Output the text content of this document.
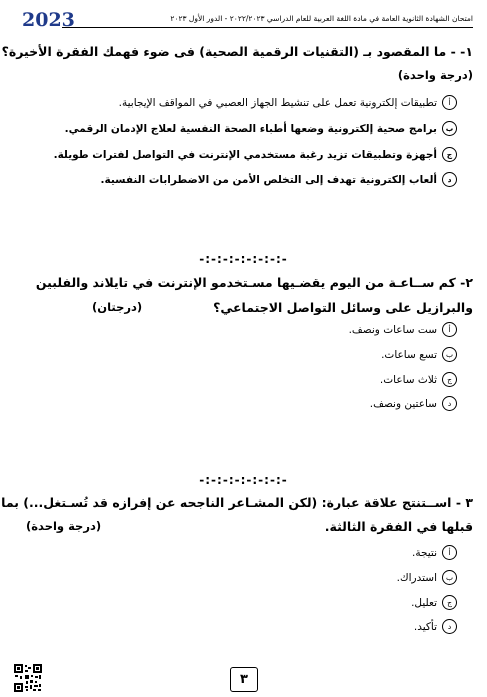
2023	امتحان الشهادة الثانوية العامة في مادة اللغة العربية للعام الدراسي ٢٠٢٢/٢٠٢٣ - الدور الأول ٢٠٢٣
١- - ما المقصود بـ (التقنيات الرقمية الصحية) فى ضوء فهمك الفقرة الأخيرة؟
(درجة واحدة)
أ
تطبيقات إلكترونية تعمل على تنشيط الجهاز العصبي في المواقف الإيجابية.
ب
برامج صحية إلكترونية وضعها أطباء الصحة النفسية لعلاج الإدمان الرقمي.
ج
أجهزة وتطبيقات تزيد رغبة مستخدمي الإنترنت في التواصل لفترات طويلة.
د
ألعاب إلكترونية تهدف إلى التخلص الأمن من الاضطرابات النفسية.
-:-:-:-:-:-:-:-
٢- كم ســاعـة من اليوم يقضـيها مسـتخدمو الإنترنت في تايلاند والفلبين
والبرازيل على وسائل التواصل الاجتماعي؟
(درجتان)
أ
ست ساعات ونصف.
ب
تسع ساعات.
ج
ثلاث ساعات.
د
ساعتين ونصف.
-:-:-:-:-:-:-:-
٣ - اســتنتج علاقة عبارة: (لكن المشـاعر الناجحه عن إفرازه قد تُسـتغل...) بما
قبلها في الفقرة الثالثة.
(درجة واحدة)
أ
نتيجة.
ب
استدراك.
ج
تعليل.
د
تأكيد.
٣
